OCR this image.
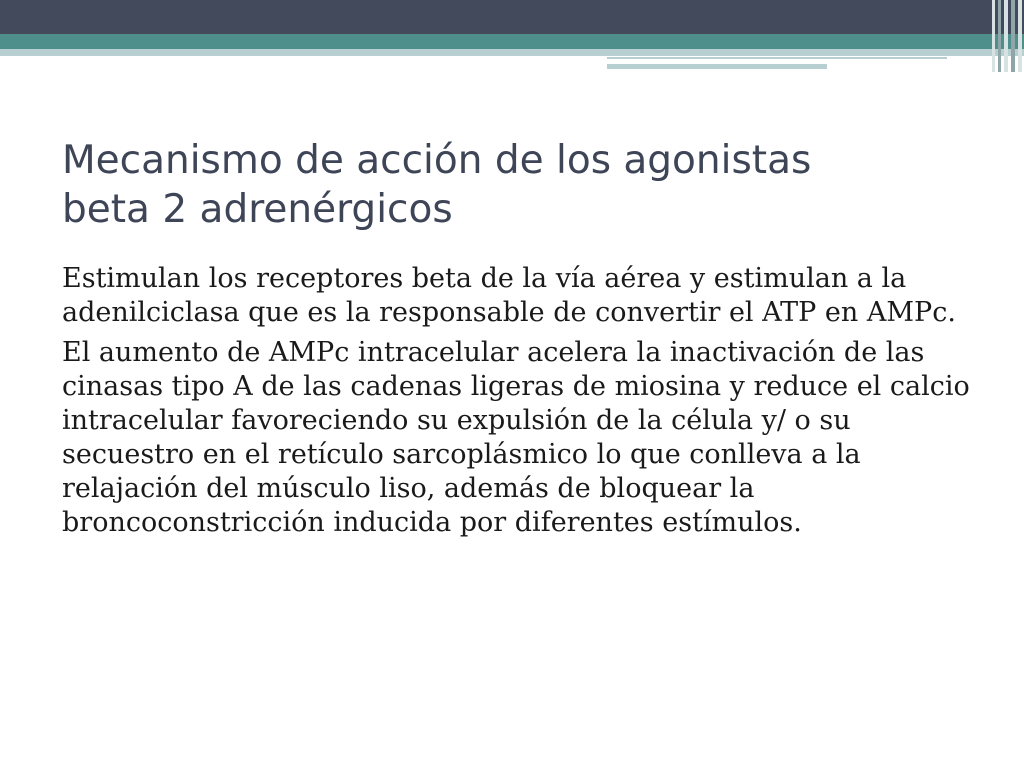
Mecanismo de acción de los agonistas
beta 2 adrenérgicos

Estimulan los receptores beta de la vía aérea y estimulan a la adenilciclasa que es la responsable de convertir el ATP en AMPc.

El aumento de AMPc intracelular acelera la inactivación de las cinasas tipo A de las cadenas ligeras de miosina y reduce el calcio intracelular favoreciendo su expulsión de la célula y/ o su secuestro en el retículo sarcoplásmico lo que conlleva a la relajación del músculo liso, además de bloquear la broncoconstricción inducida por diferentes estímulos.
